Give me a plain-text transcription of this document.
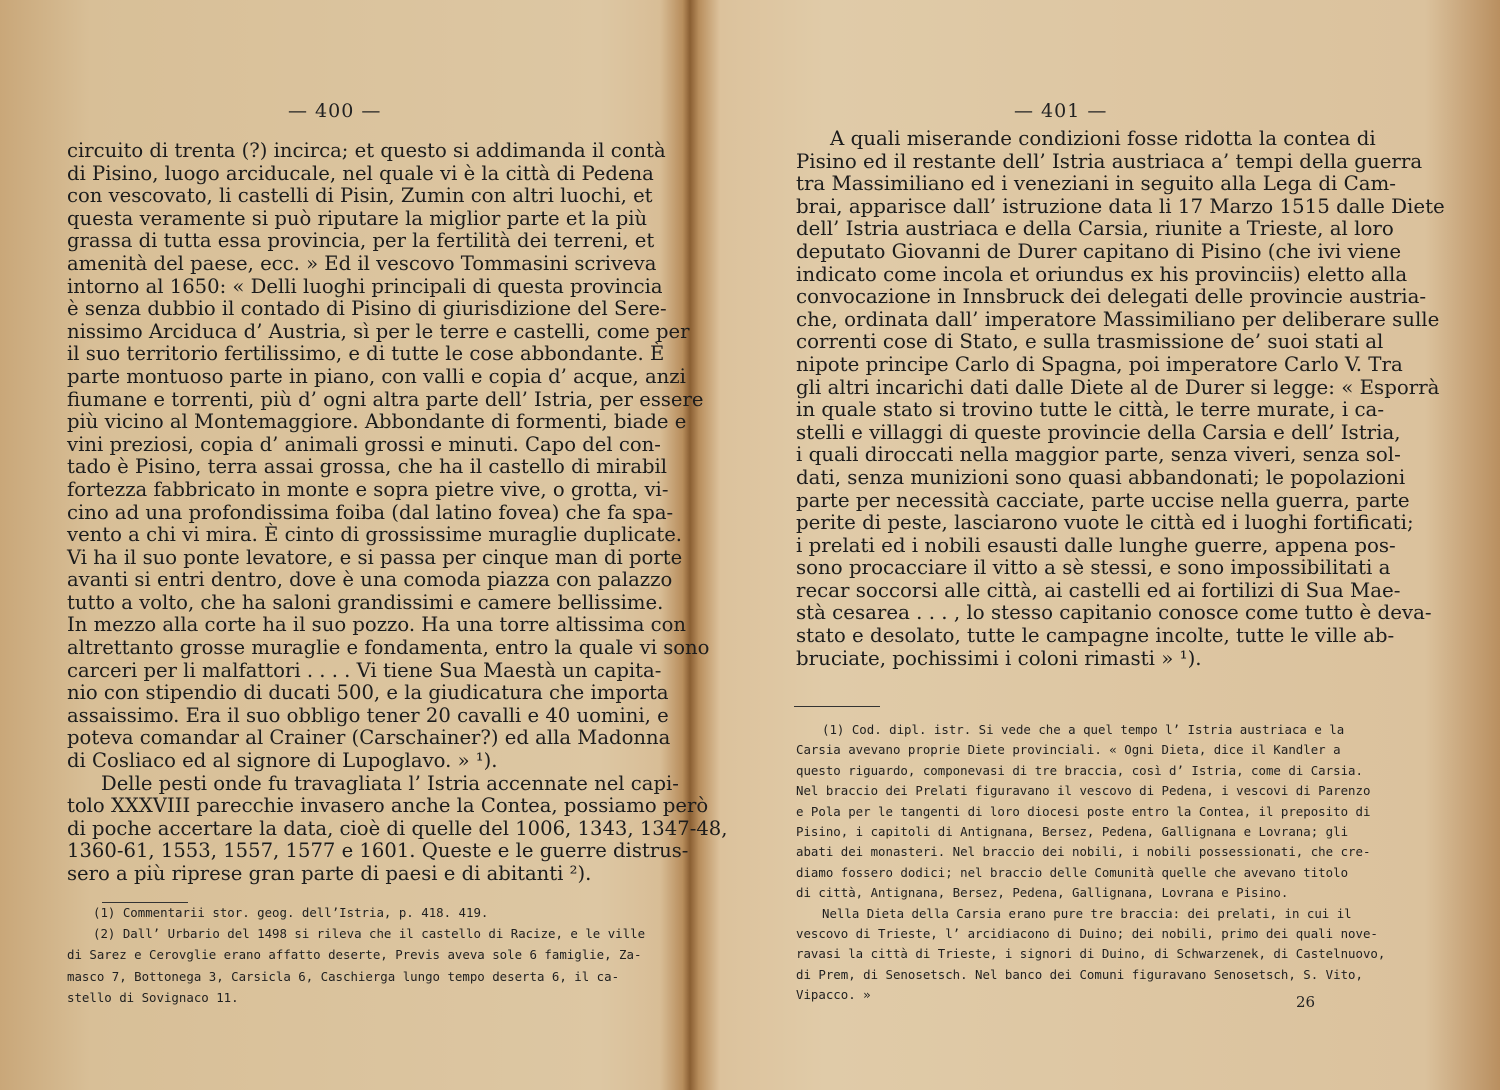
— 400 —
circuito di trenta (?) incirca; et questo si addimanda il contà
di Pisino, luogo arciducale, nel quale vi è la città di Pedena
con vescovato, li castelli di Pisin, Zumin con altri luochi, et
questa veramente si può riputare la miglior parte et la più
grassa di tutta essa provincia, per la fertilità dei terreni, et
amenità del paese, ecc. » Ed il vescovo Tommasini scriveva
intorno al 1650: « Delli luoghi principali di questa provincia
è senza dubbio il contado di Pisino di giurisdizione del Sere-
nissimo Arciduca d’ Austria, sì per le terre e castelli, come per
il suo territorio fertilissimo, e di tutte le cose abbondante. È
parte montuoso parte in piano, con valli e copia d’ acque, anzi
fiumane e torrenti, più d’ ogni altra parte dell’ Istria, per essere
più vicino al Montemaggiore. Abbondante di formenti, biade e
vini preziosi, copia d’ animali grossi e minuti. Capo del con-
tado è Pisino, terra assai grossa, che ha il castello di mirabil
fortezza fabbricato in monte e sopra pietre vive, o grotta, vi-
cino ad una profondissima foiba (dal latino fovea) che fa spa-
vento a chi vi mira. È cinto di grossissime muraglie duplicate.
Vi ha il suo ponte levatore, e si passa per cinque man di porte
avanti si entri dentro, dove è una comoda piazza con palazzo
tutto a volto, che ha saloni grandissimi e camere bellissime.
In mezzo alla corte ha il suo pozzo. Ha una torre altissima con
altrettanto grosse muraglie e fondamenta, entro la quale vi sono
carceri per li malfattori . . . . Vi tiene Sua Maestà un capita-
nio con stipendio di ducati 500, e la giudicatura che importa
assaissimo. Era il suo obbligo tener 20 cavalli e 40 uomini, e
poteva comandar al Crainer (Carschainer?) ed alla Madonna
di Cosliaco ed al signore di Lupoglavo. » ¹).
Delle pesti onde fu travagliata l’ Istria accennate nel capi-
tolo XXXVIII parecchie invasero anche la Contea, possiamo però
di poche accertare la data, cioè di quelle del 1006, 1343, 1347-48,
1360-61, 1553, 1557, 1577 e 1601. Queste e le guerre distrus-
sero a più riprese gran parte di paesi e di abitanti ²).
(1) Commentarii stor. geog. dell’Istria, p. 418. 419.
(2) Dall’ Urbario del 1498 si rileva che il castello di Racize, e le ville
di Sarez e Cerovglie erano affatto deserte, Previs aveva sole 6 famiglie, Za-
masco 7, Bottonega 3, Carsicla 6, Caschierga lungo tempo deserta 6, il ca-
stello di Sovignaco 11.
— 401 —
A quali miserande condizioni fosse ridotta la contea di
Pisino ed il restante dell’ Istria austriaca a’ tempi della guerra
tra Massimiliano ed i veneziani in seguito alla Lega di Cam-
brai, apparisce dall’ istruzione data li 17 Marzo 1515 dalle Diete
dell’ Istria austriaca e della Carsia, riunite a Trieste, al loro
deputato Giovanni de Durer capitano di Pisino (che ivi viene
indicato come incola et oriundus ex his provinciis) eletto alla
convocazione in Innsbruck dei delegati delle provincie austria-
che, ordinata dall’ imperatore Massimiliano per deliberare sulle
correnti cose di Stato, e sulla trasmissione de’ suoi stati al
nipote principe Carlo di Spagna, poi imperatore Carlo V. Tra
gli altri incarichi dati dalle Diete al de Durer si legge: « Esporrà
in quale stato si trovino tutte le città, le terre murate, i ca-
stelli e villaggi di queste provincie della Carsia e dell’ Istria,
i quali diroccati nella maggior parte, senza viveri, senza sol-
dati, senza munizioni sono quasi abbandonati; le popolazioni
parte per necessità cacciate, parte uccise nella guerra, parte
perite di peste, lasciarono vuote le città ed i luoghi fortificati;
i prelati ed i nobili esausti dalle lunghe guerre, appena pos-
sono procacciare il vitto a sè stessi, e sono impossibilitati a
recar soccorsi alle città, ai castelli ed ai fortilizi di Sua Mae-
stà cesarea . . . , lo stesso capitanio conosce come tutto è deva-
stato e desolato, tutte le campagne incolte, tutte le ville ab-
bruciate, pochissimi i coloni rimasti » ¹).
(1) Cod. dipl. istr. Si vede che a quel tempo l’ Istria austriaca e la
Carsia avevano proprie Diete provinciali. « Ogni Dieta, dice il Kandler a
questo riguardo, componevasi di tre braccia, così d’ Istria, come di Carsia.
Nel braccio dei Prelati figuravano il vescovo di Pedena, i vescovi di Parenzo
e Pola per le tangenti di loro diocesi poste entro la Contea, il preposito di
Pisino, i capitoli di Antignana, Bersez, Pedena, Gallignana e Lovrana; gli
abati dei monasteri. Nel braccio dei nobili, i nobili possessionati, che cre-
diamo fossero dodici; nel braccio delle Comunità quelle che avevano titolo
di città, Antignana, Bersez, Pedena, Gallignana, Lovrana e Pisino.
Nella Dieta della Carsia erano pure tre braccia: dei prelati, in cui il
vescovo di Trieste, l’ arcidiacono di Duino; dei nobili, primo dei quali nove-
ravasi la città di Trieste, i signori di Duino, di Schwarzenek, di Castelnuovo,
di Prem, di Senosetsch. Nel banco dei Comuni figuravano Senosetsch, S. Vito,
Vipacco. »	26
